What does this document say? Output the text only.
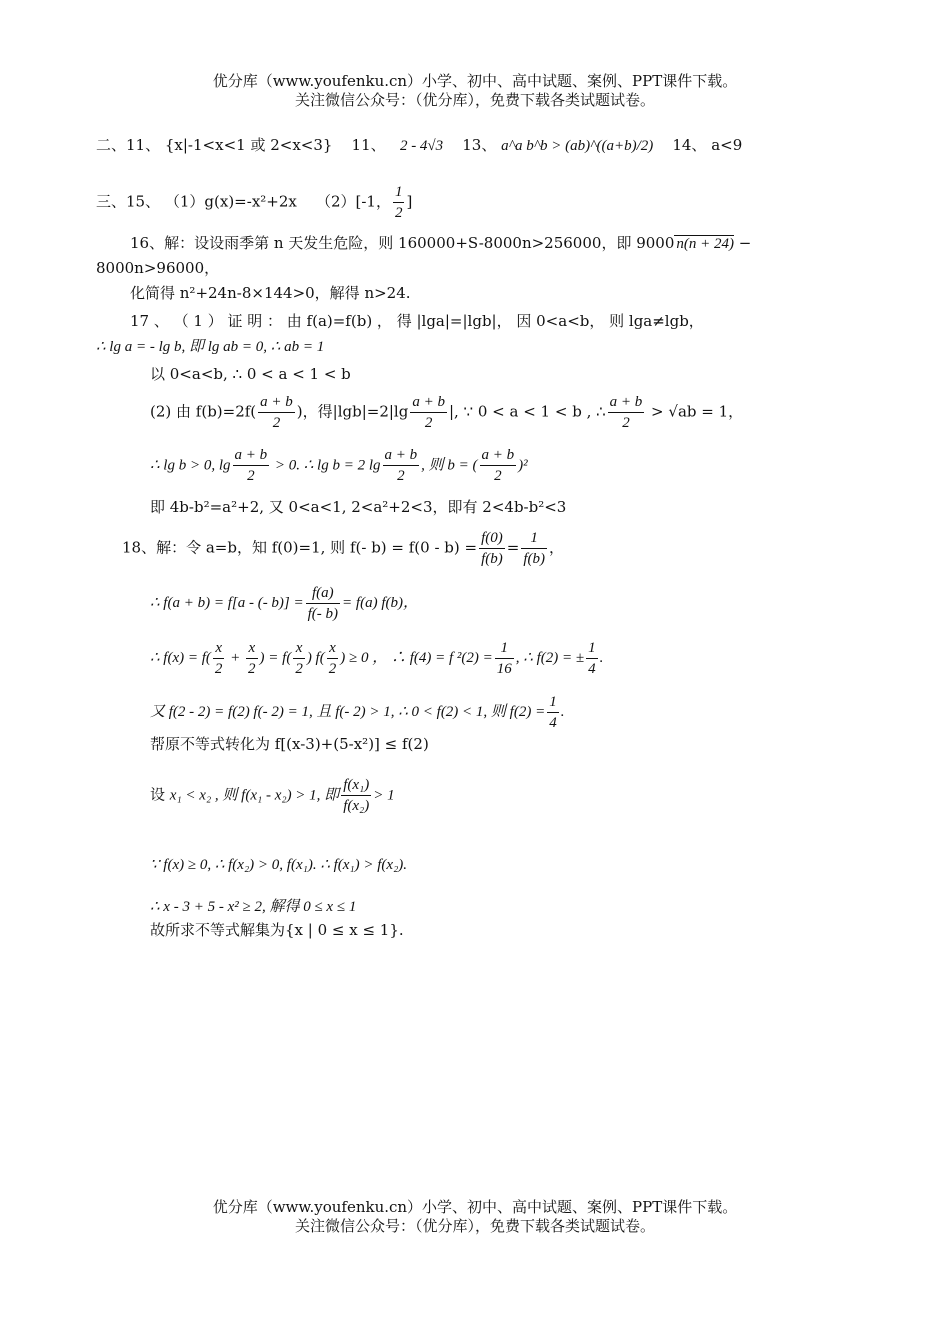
优分库（www.youfenku.cn）小学、初中、高中试题、案例、PPT课件下载。
关注微信公众号：（优分库），免费下载各类试题试卷。
二、11、 {x|-1<x<1 或 2<x<3} 11、 2 - 4√3 13、 a^a b^b > (ab)^((a+b)/2) 14、 a<9
三、15、 （1）g(x)=-x²+2x （2）[-1， $\frac{1}{2}$ ]
16、解：设设雨季第 n 天发生危险，则 160000+S-8000n>256000，即 9000 n(n + 24) −
8000n>96000，
化简得 n²+24n-8×144>0，解得 n>24.
17 、 （ 1 ） 证 明 ： 由 f(a)=f(b) ， 得 |lga|=|lgb|， 因 0<a<b， 则 lga≠lgb，
∴ lg a = - lg b, 即 lg ab = 0, ∴ ab = 1
以 0<a<b, ∴ 0 < a < 1 < b
(2) 由 $f(b)=2f( \frac{a + b}{2}$ )，得$|\lg b|=2|\lg \frac{a + b}{2}$ |, ∵ 0 < a < 1 < b , ∴ $\frac{a + b}{2} > √ab = 1$，
∴ lg b > 0, $\lg \frac{a + b}{2} > 0$. ∴ lg b = 2 $\lg \frac{a + b}{2}$ , 则 b = ( $\frac{a + b}{2} )^2$
即 4b-b²=a²+2, 又 0<a<1, 2<a²+2<3，即有 2<4b-b²<3
18、解：令 a=b，知 f(0)=1, 则 f(- $b) = f(0 - b) = \frac{f(0)}{f(b)} = \frac{1}{f(b)}$ ，
∴ f(a + b) = f[a - (- $b)] = \frac{f(a)}{f(- b)} = f(a)$ f(b)，
∴ $f(x) = f( \frac{x}{2} + \frac{x}{2}$ ) = $f( \frac{x}{2}$ ) $f( \frac{x}{2}$ ) ≥ 0 ， ∴ f(4) = f $^2(2) = \frac{1}{16}$ , ∴ f(2) = ± $\frac{1}{4}$ .
又 f(2 - 2) = f(2) f(- 2) = 1, 且 f(- 2) > 1, ∴ 0 < f(2) < 1, 则 $f(2) = \frac{1}{4}$ .
帮原不等式转化为 f[(x-3)+(5-x²)] ≤ f(2)
设 x₁ < x₂ , 则 f(x₁ - x₂) > 1, 即 $\frac{\text{f(x₁)}}{\text{f(x₂)}} > 1$
∵ f(x) ≥ 0, ∴ f(x₂) > 0, f(x₁). ∴ f(x₁) > f(x₂).
∴ x - 3 + 5 - x² ≥ 2, 解得 0 ≤ x ≤ 1
故所求不等式解集为{x | 0 ≤ x ≤ 1}.
优分库（www.youfenku.cn）小学、初中、高中试题、案例、PPT课件下载。
关注微信公众号：（优分库），免费下载各类试题试卷。
